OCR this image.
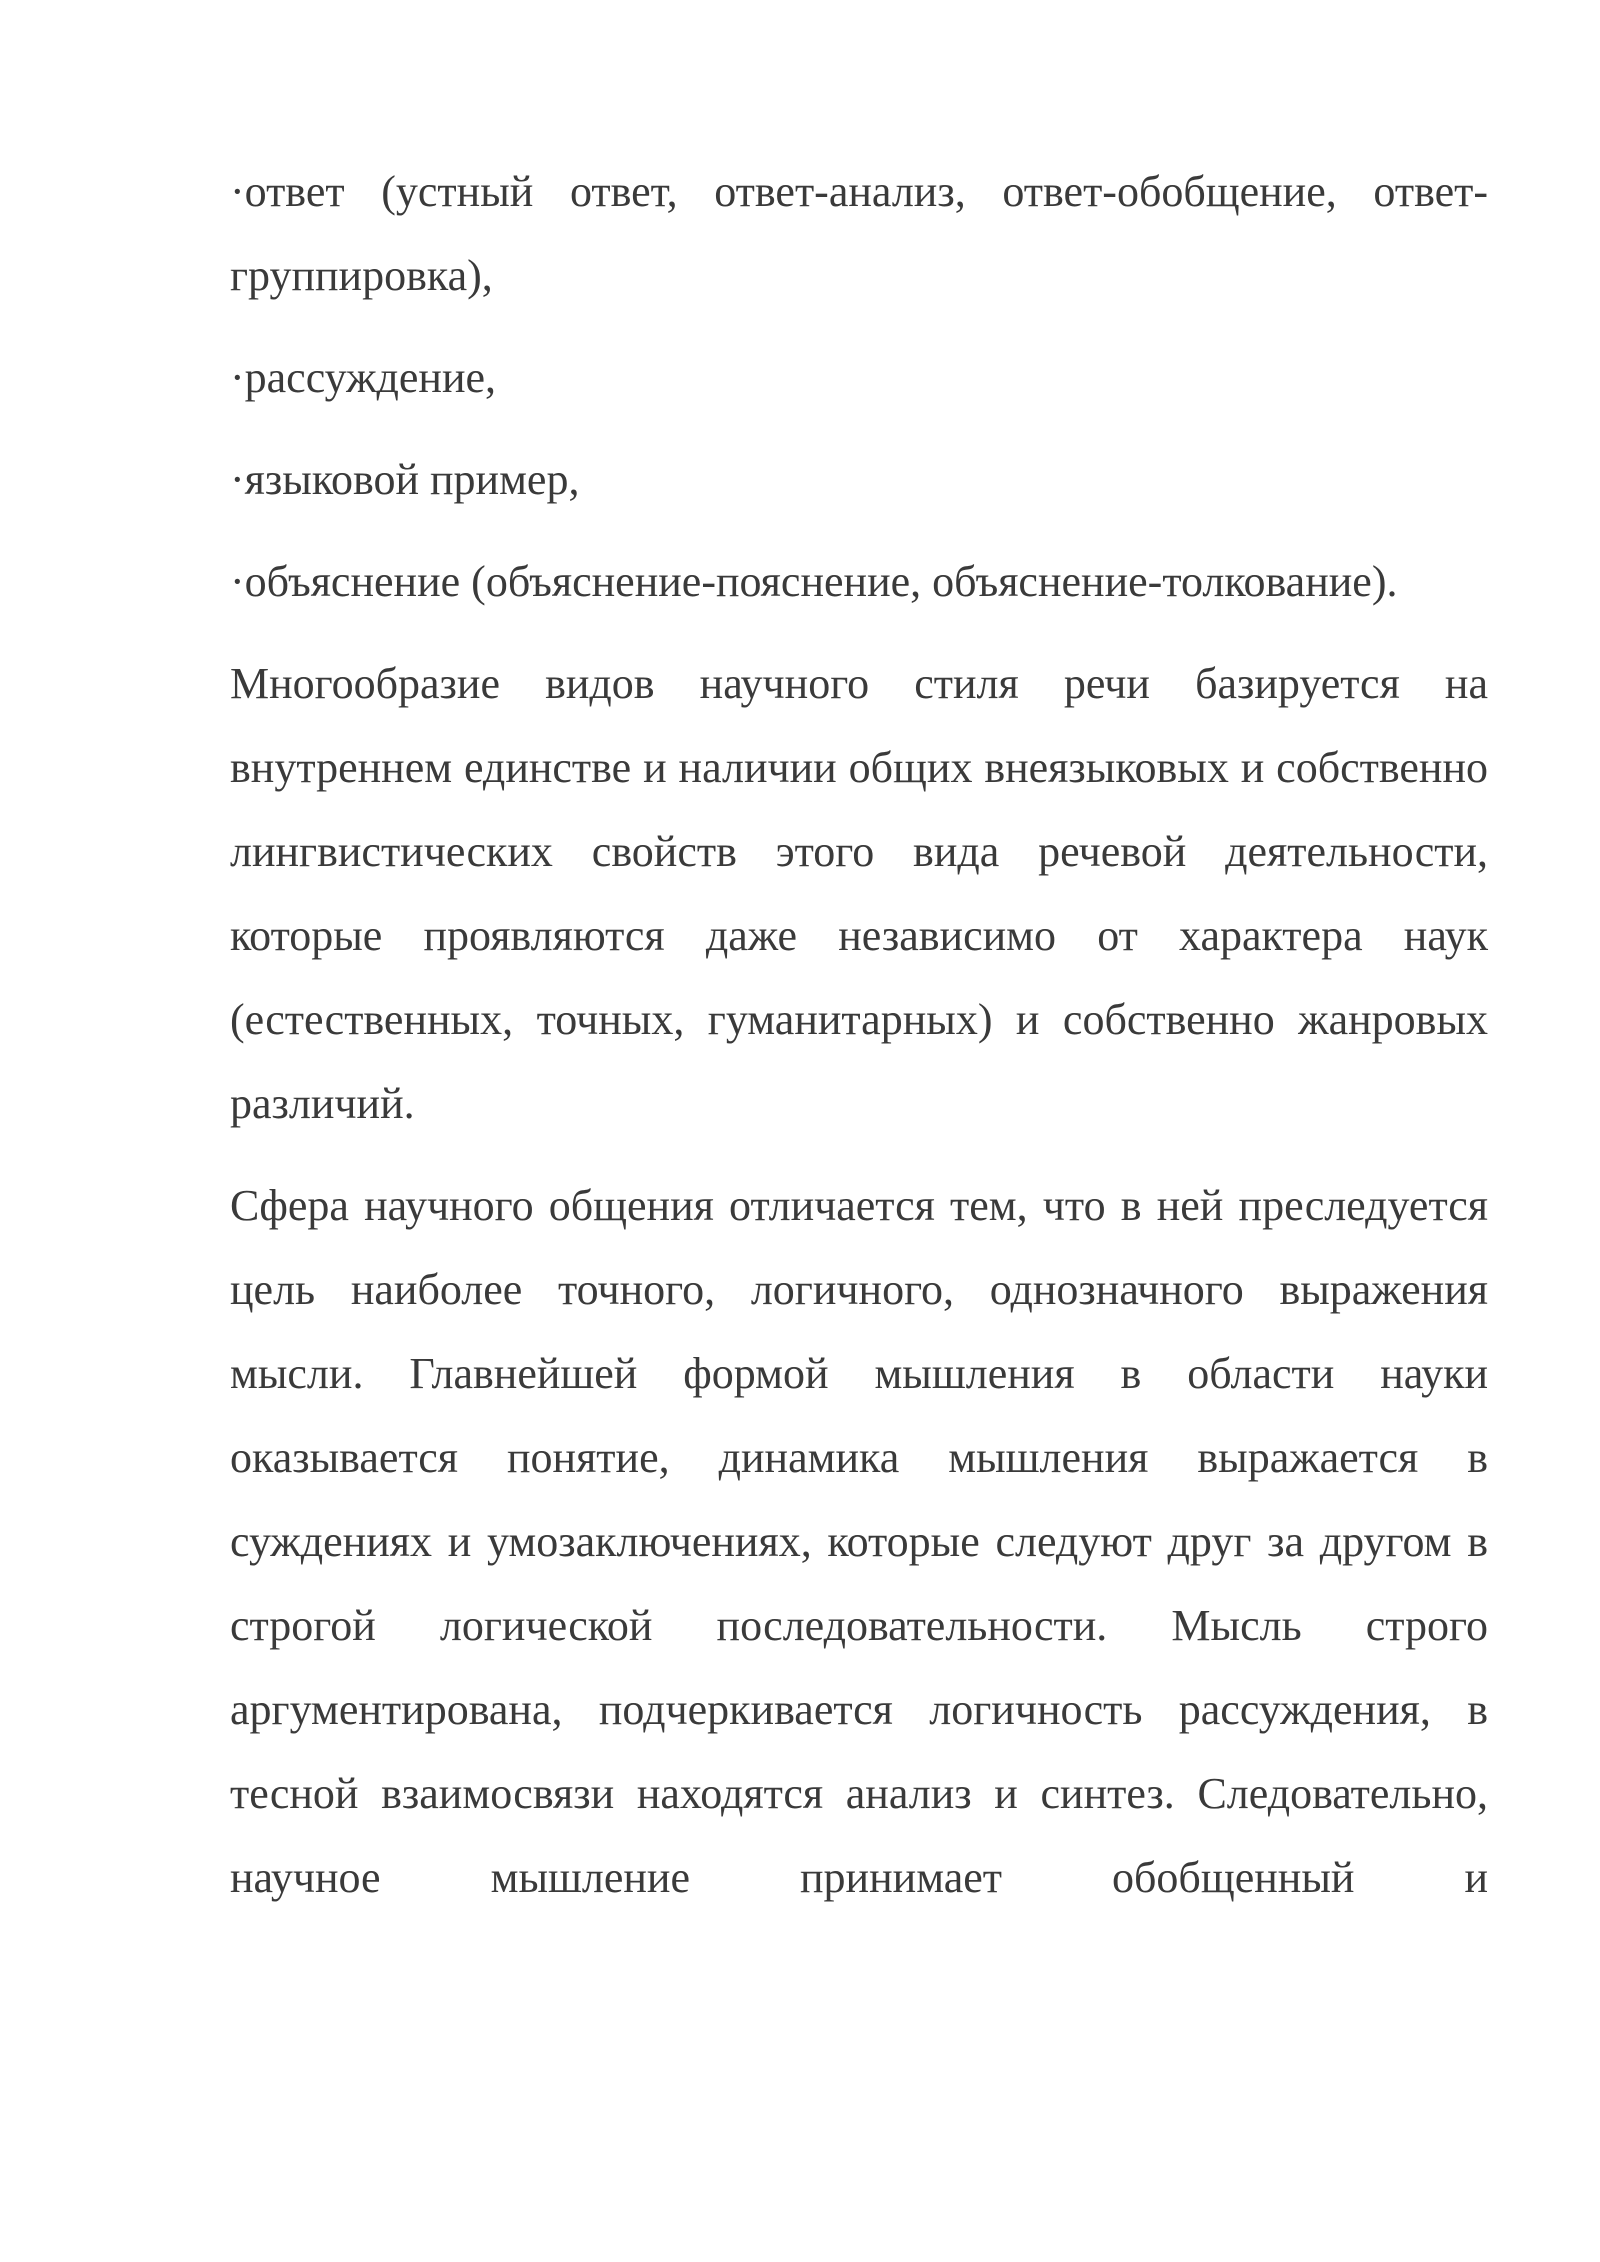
·ответ (устный ответ, ответ-анализ, ответ-обобщение, ответ-группировка),

·рассуждение,

·языковой пример,

·объяснение (объяснение-пояснение, объяснение-толкование).

Многообразие видов научного стиля речи базируется на внутреннем единстве и наличии общих внеязыковых и собственно лингвистических свойств этого вида речевой деятельности, которые проявляются даже независимо от характера наук (естественных, точных, гуманитарных) и собственно жанровых различий.

Сфера научного общения отличается тем, что в ней преследуется цель наиболее точного, логичного, однозначного выражения мысли. Главнейшей формой мышления в области науки оказывается понятие, динамика мышления выражается в суждениях и умозаключениях, которые следуют друг за другом в строгой логической последовательности. Мысль строго аргументирована, подчеркивается логичность рассуждения, в тесной взаимосвязи находятся анализ и синтез. Следовательно, научное мышление принимает обобщенный и
